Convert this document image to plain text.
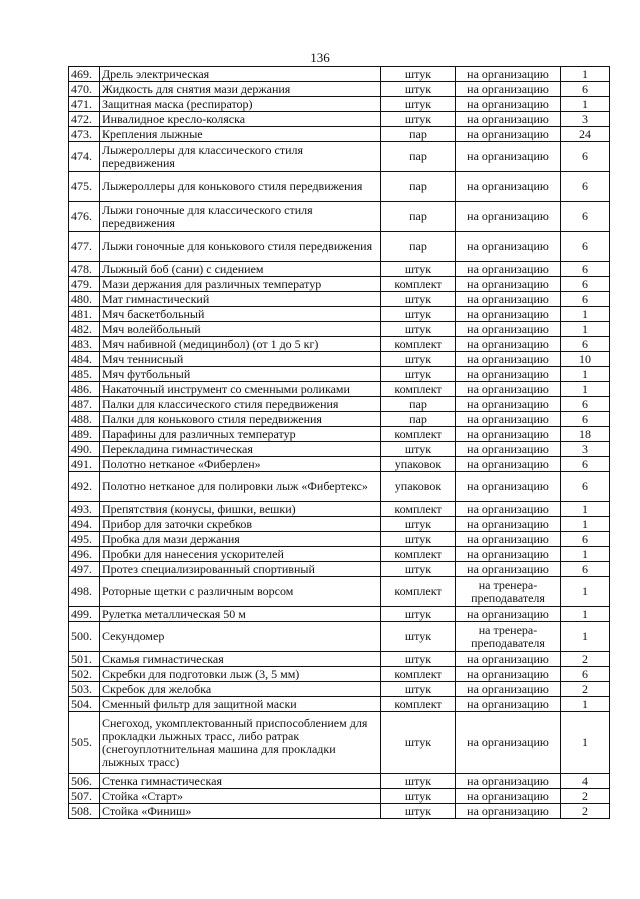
136
469.	Дрель электрическая	штук	на организацию	1
470.	Жидкость для снятия мази держания	штук	на организацию	6
471.	Защитная маска (респиратор)	штук	на организацию	1
472.	Инвалидное кресло-коляска	штук	на организацию	3
473.	Крепления лыжные	пар	на организацию	24
474.	Лыжероллеры для классического стиля передвижения	пар	на организацию	6
475.	Лыжероллеры для конькового стиля передвижения	пар	на организацию	6
476.	Лыжи гоночные для классического стиля передвижения	пар	на организацию	6
477.	Лыжи гоночные для конькового стиля передвижения	пар	на организацию	6
478.	Лыжный боб (сани) с сидением	штук	на организацию	6
479.	Мази держания для различных температур	комплект	на организацию	6
480.	Мат гимнастический	штук	на организацию	6
481.	Мяч баскетбольный	штук	на организацию	1
482.	Мяч волейбольный	штук	на организацию	1
483.	Мяч набивной (медицинбол) (от 1 до 5 кг)	комплект	на организацию	6
484.	Мяч теннисный	штук	на организацию	10
485.	Мяч футбольный	штук	на организацию	1
486.	Накаточный инструмент со сменными роликами	комплект	на организацию	1
487.	Палки для классического стиля передвижения	пар	на организацию	6
488.	Палки для конькового стиля передвижения	пар	на организацию	6
489.	Парафины для различных температур	комплект	на организацию	18
490.	Перекладина гимнастическая	штук	на организацию	3
491.	Полотно нетканое «Фиберлен»	упаковок	на организацию	6
492.	Полотно нетканое для полировки лыж «Фибертекс»	упаковок	на организацию	6
493.	Препятствия (конусы, фишки, вешки)	комплект	на организацию	1
494.	Прибор для заточки скребков	штук	на организацию	1
495.	Пробка для мази держания	штук	на организацию	6
496.	Пробки для нанесения ускорителей	комплект	на организацию	1
497.	Протез специализированный спортивный	штук	на организацию	6
498.	Роторные щетки с различным ворсом	комплект	на тренера-преподавателя	1
499.	Рулетка металлическая 50 м	штук	на организацию	1
500.	Секундомер	штук	на тренера-преподавателя	1
501.	Скамья гимнастическая	штук	на организацию	2
502.	Скребки для подготовки лыж (3, 5 мм)	комплект	на организацию	6
503.	Скребок для желобка	штук	на организацию	2
504.	Сменный фильтр для защитной маски	комплект	на организацию	1
505.	Снегоход, укомплектованный приспособлением для прокладки лыжных трасс, либо ратрак (снегоуплотнительная машина для прокладки лыжных трасс)	штук	на организацию	1
506.	Стенка гимнастическая	штук	на организацию	4
507.	Стойка «Старт»	штук	на организацию	2
508.	Стойка «Финиш»	штук	на организацию	2
